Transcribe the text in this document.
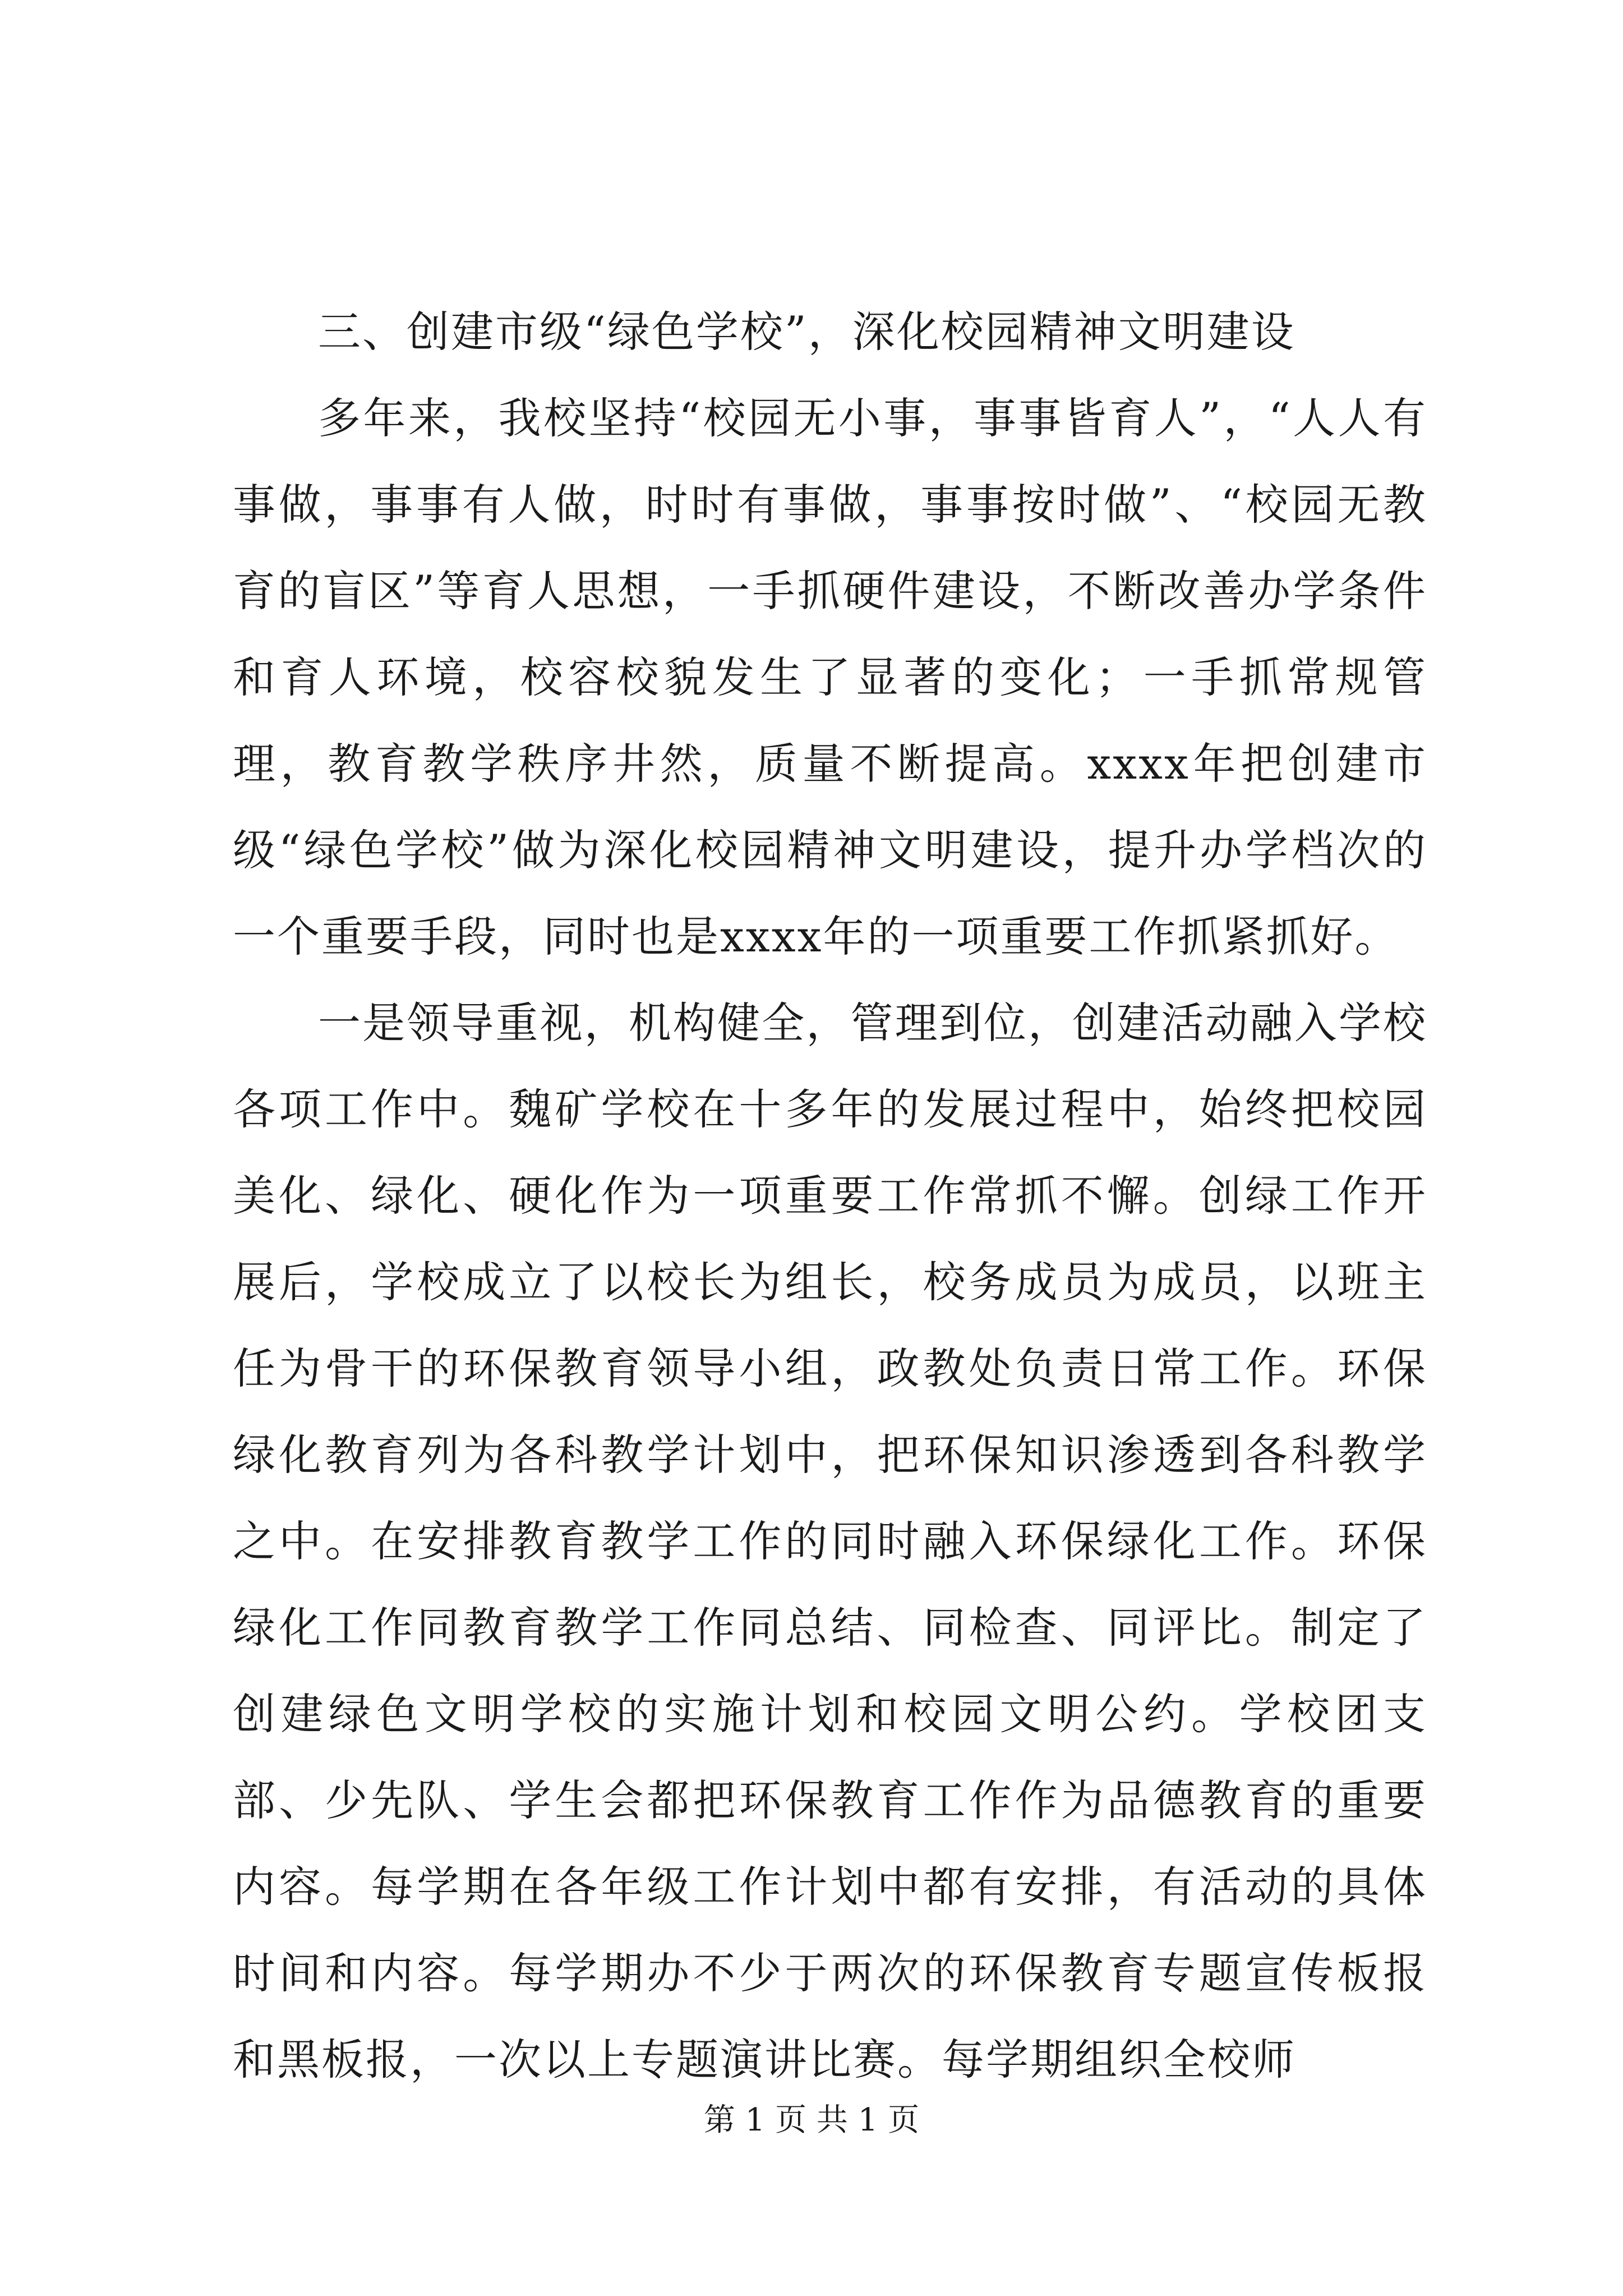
三、创建市级“绿色学校”，深化校园精神文明建设

多年来，我校坚持“校园无小事，事事皆育人”，“人人有事做，事事有人做，时时有事做，事事按时做”、“校园无教育的盲区”等育人思想，一手抓硬件建设，不断改善办学条件和育人环境，校容校貌发生了显著的变化；一手抓常规管理，教育教学秩序井然，质量不断提高。xxxx年把创建市级“绿色学校”做为深化校园精神文明建设，提升办学档次的一个重要手段，同时也是xxxx年的一项重要工作抓紧抓好。

一是领导重视，机构健全，管理到位，创建活动融入学校各项工作中。魏矿学校在十多年的发展过程中，始终把校园美化、绿化、硬化作为一项重要工作常抓不懈。创绿工作开展后，学校成立了以校长为组长，校务成员为成员，以班主任为骨干的环保教育领导小组，政教处负责日常工作。环保绿化教育列为各科教学计划中，把环保知识渗透到各科教学之中。在安排教育教学工作的同时融入环保绿化工作。环保绿化工作同教育教学工作同总结、同检查、同评比。制定了创建绿色文明学校的实施计划和校园文明公约。学校团支部、少先队、学生会都把环保教育工作作为品德教育的重要内容。每学期在各年级工作计划中都有安排，有活动的具体时间和内容。每学期办不少于两次的环保教育专题宣传板报和黑板报，一次以上专题演讲比赛。每学期组织全校师

第 1 页 共 1 页
